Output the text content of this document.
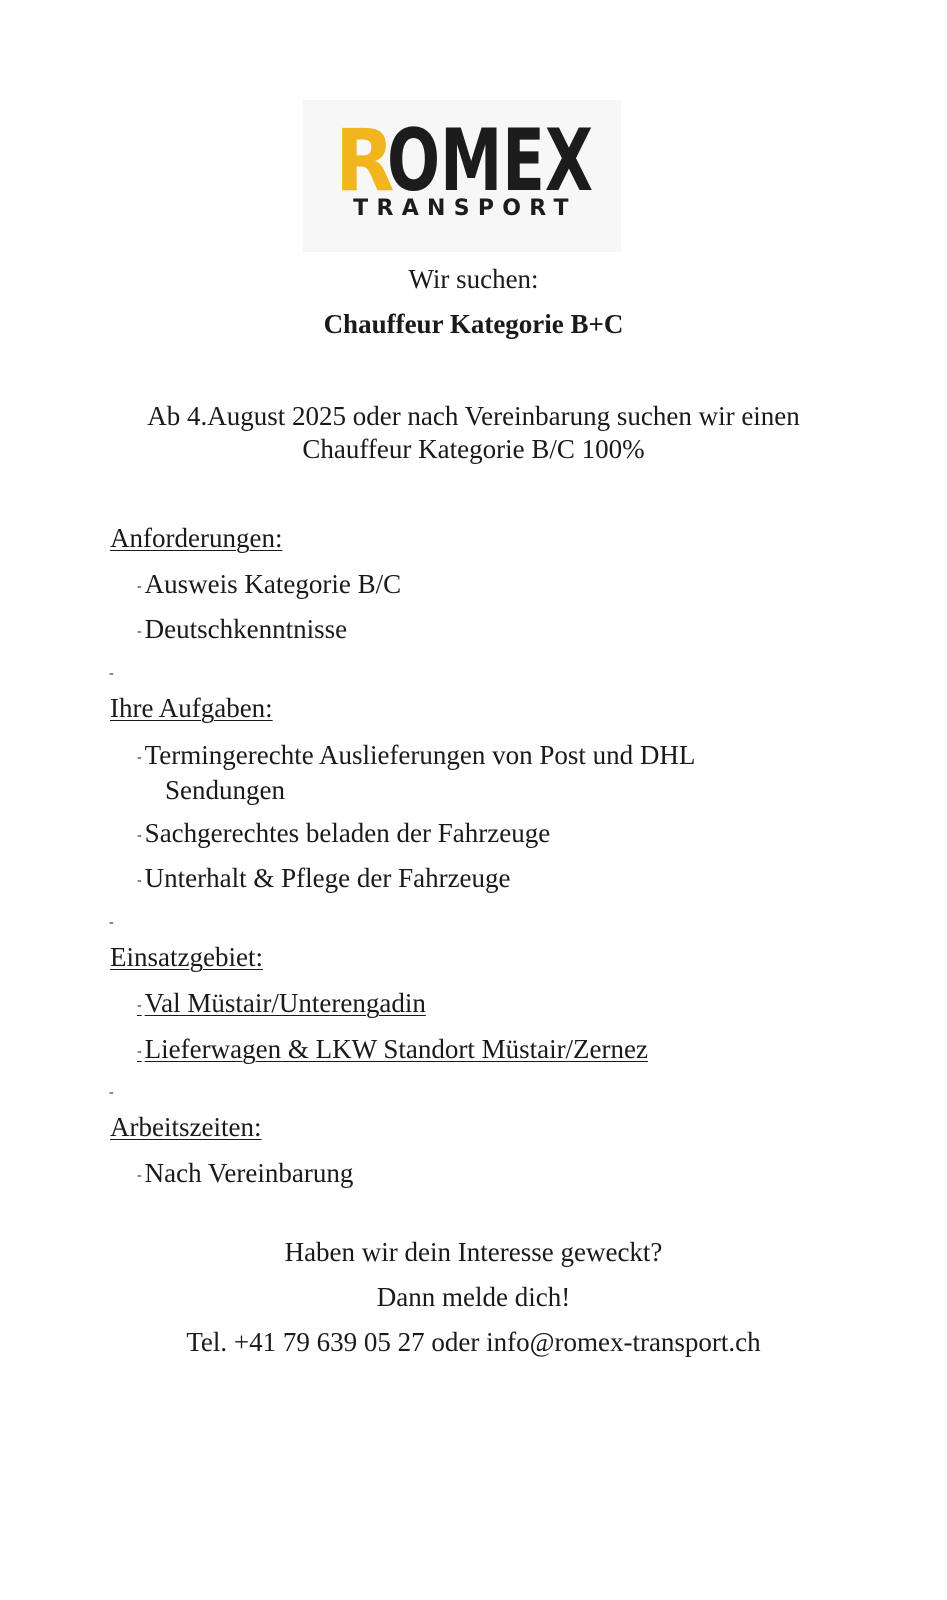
R
OMEX
TRANSPORT
Wir suchen:
Chauffeur Kategorie B+C
Ab 4.August 2025 oder nach Vereinbarung suchen wir einen
Chauffeur Kategorie B/C 100%
Anforderungen:
- Ausweis Kategorie B/C
- Deutschkenntnisse
-
Ihre Aufgaben:
- Termingerechte Auslieferungen von Post und DHL
Sendungen
- Sachgerechtes beladen der Fahrzeuge
- Unterhalt & Pflege der Fahrzeuge
-
Einsatzgebiet:
- Val Müstair/Unterengadin
- Lieferwagen & LKW Standort Müstair/Zernez
-
Arbeitszeiten:
- Nach Vereinbarung
Haben wir dein Interesse geweckt?
Dann melde dich!
Tel. +41 79 639 05 27 oder info@romex-transport.ch
